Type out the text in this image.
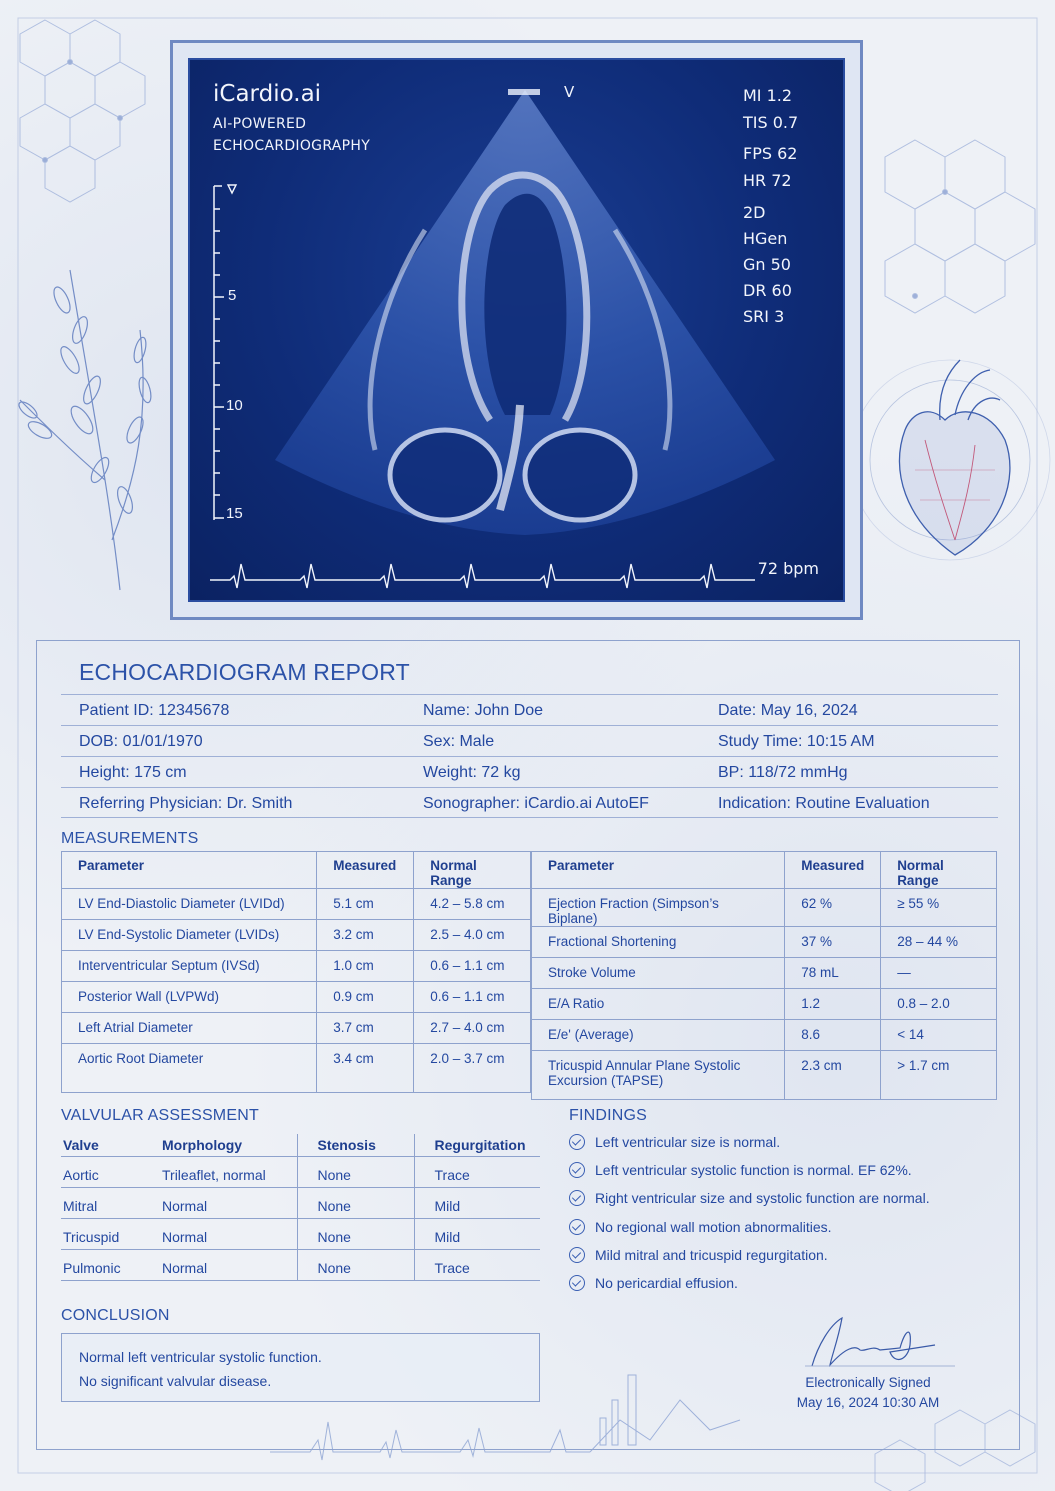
iCardio.ai
AI-POWERED
ECHOCARDIOGRAPHY
V	MI 1.2
TIS 0.7
FPS 62
HR 72
2D
HGen
Gn 50
DR 60
SRI 3
5
10
15
72 bpm
ECHOCARDIOGRAM REPORT
Patient ID: 12345678	Name: John Doe	Date: May 16, 2024
DOB: 01/01/1970	Sex: Male	Study Time: 10:15 AM
Height: 175 cm	Weight: 72 kg	BP: 118/72 mmHg
Referring Physician: Dr. Smith	Sonographer: iCardio.ai AutoEF	Indication: Routine Evaluation
MEASUREMENTS
Parameter	Measured	Normal Range
LV End-Diastolic Diameter (LVIDd)	5.1 cm	4.2 – 5.8 cm
LV End-Systolic Diameter (LVIDs)	3.2 cm	2.5 – 4.0 cm
Interventricular Septum (IVSd)	1.0 cm	0.6 – 1.1 cm
Posterior Wall (LVPWd)	0.9 cm	0.6 – 1.1 cm
Left Atrial Diameter	3.7 cm	2.7 – 4.0 cm
Aortic Root Diameter	3.4 cm	2.0 – 3.7 cm
Parameter	Measured	Normal Range
Ejection Fraction (Simpson’s Biplane)	62 %	≥ 55 %
Fractional Shortening	37 %	28 – 44 %
Stroke Volume	78 mL	—
E/A Ratio	1.2	0.8 – 2.0
E/e' (Average)	8.6	< 14
Tricuspid Annular Plane Systolic Excursion (TAPSE)	2.3 cm	> 1.7 cm
VALVULAR ASSESSMENT
Valve	Morphology	Stenosis	Regurgitation
Aortic	Trileaflet, normal	None	Trace
Mitral	Normal	None	Mild
Tricuspid	Normal	None	Mild
Pulmonic	Normal	None	Trace
FINDINGS
Left ventricular size is normal.
Left ventricular systolic function is normal. EF 62%.
Right ventricular size and systolic function are normal.
No regional wall motion abnormalities.
Mild mitral and tricuspid regurgitation.
No pericardial effusion.
CONCLUSION
Normal left ventricular systolic function.
No significant valvular disease.	Electronically Signed
May 16, 2024 10:30 AM
